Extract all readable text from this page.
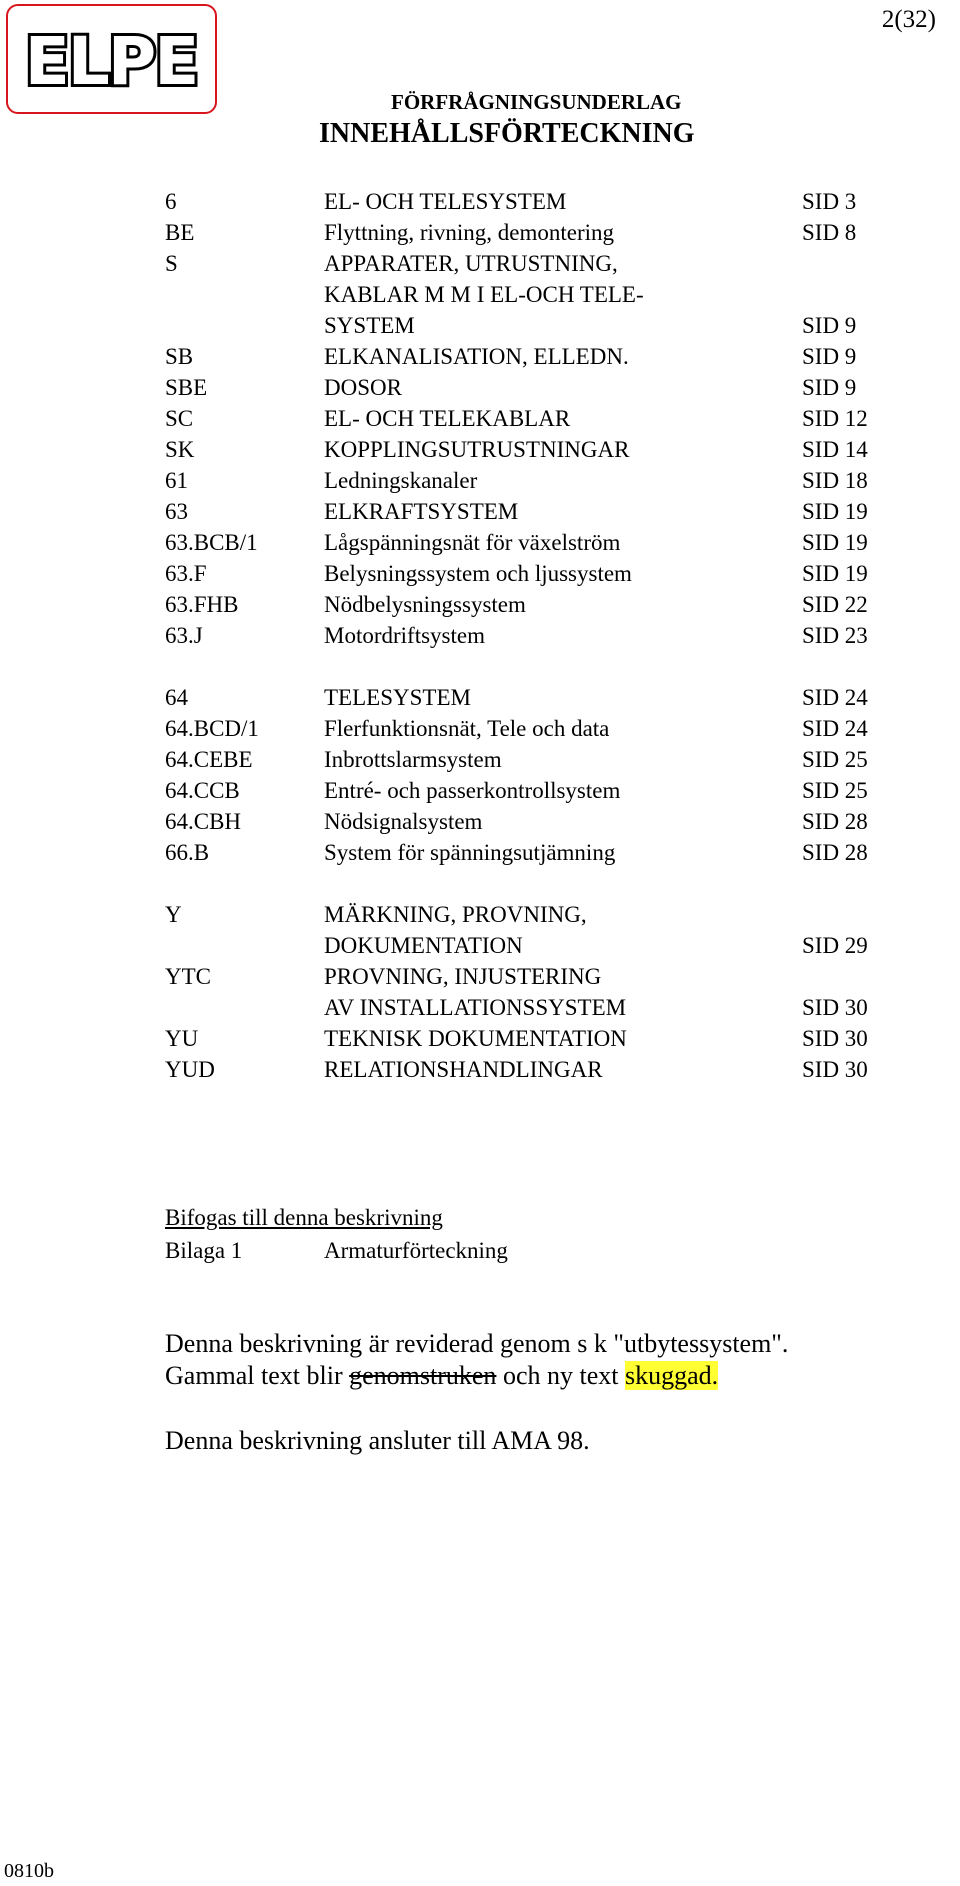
ELPE
2(32)
FÖRFRÅGNINGSUNDERLAG
INNEHÅLLSFÖRTECKNING
6	EL- OCH TELESYSTEM	SID 3
BE	Flyttning, rivning, demontering	SID 8
S	APPARATER, UTRUSTNING,
KABLAR M M I EL-OCH TELE-
SYSTEM	SID 9
SB	ELKANALISATION, ELLEDN.	SID 9
SBE	DOSOR	SID 9
SC	EL- OCH TELEKABLAR	SID 12
SK	KOPPLINGSUTRUSTNINGAR	SID 14
61	Ledningskanaler	SID 18
63	ELKRAFTSYSTEM	SID 19
63.BCB/1	Lågspänningsnät för växelström	SID 19
63.F	Belysningssystem och ljussystem	SID 19
63.FHB	Nödbelysningssystem	SID 22
63.J	Motordriftsystem	SID 23
64	TELESYSTEM	SID 24
64.BCD/1	Flerfunktionsnät, Tele och data	SID 24
64.CEBE	Inbrottslarmsystem	SID 25
64.CCB	Entré- och passerkontrollsystem	SID 25
64.CBH	Nödsignalsystem	SID 28
66.B	System för spänningsutjämning	SID 28
Y	MÄRKNING, PROVNING,
DOKUMENTATION	SID 29
YTC	PROVNING, INJUSTERING
AV INSTALLATIONSSYSTEM	SID 30
YU	TEKNISK DOKUMENTATION	SID 30
YUD	RELATIONSHANDLINGAR	SID 30
Bifogas till denna beskrivning
Bilaga 1	Armaturförteckning
Denna beskrivning är reviderad genom s k "utbytessystem".
Gammal text blir genomstruken och ny text skuggad.
Denna beskrivning ansluter till AMA 98.
0810b
